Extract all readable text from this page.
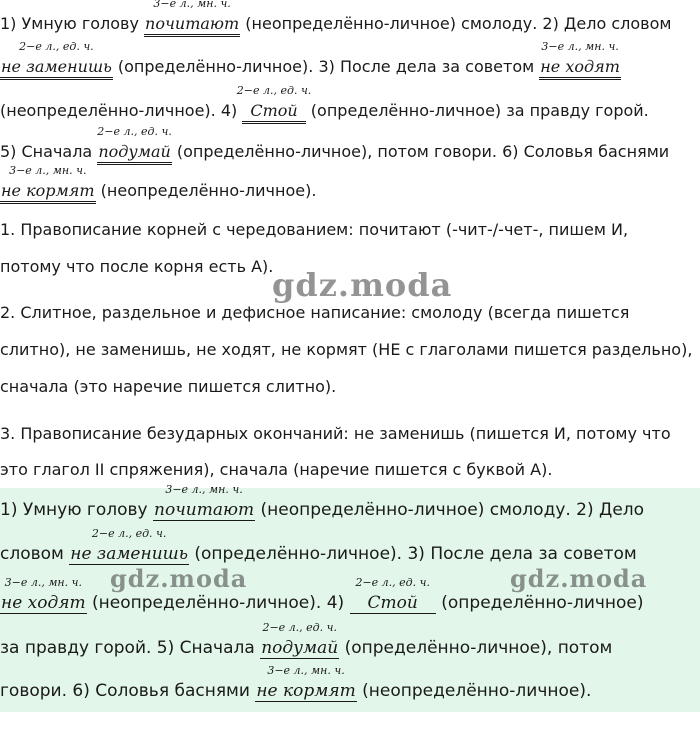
1) Умную голову
3−е л., мн. ч.
почитают (неопределённо-личное) смолоду. 2) Дело словом
2−е л., ед. ч.
не заменишь (определённо-личное). 3) После дела за советом
3−е л., мн. ч.
не ходят
(неопределённо-личное). 4)
2−е л., ед. ч.
Стой (определённо-личное) за правду горой.
5) Сначала
2−е л., ед. ч.
подумай (определённо-личное), потом говори. 6) Соловья баснями
3−е л., мн. ч.
не кормят (неопределённо-личное).
1. Правописание корней с чередованием: почитают (-чит-/-чет-, пишем И,
потому что после корня есть А).
2. Слитное, раздельное и дефисное написание: смолоду (всегда пишется
слитно), не заменишь, не ходят, не кормят (НЕ с глаголами пишется раздельно),
сначала (это наречие пишется слитно).
3. Правописание безударных окончаний: не заменишь (пишется И, потому что
это глагол II спряжения), сначала (наречие пишется с буквой А).
1) Умную голову
3−е л., мн. ч.
почитают (неопределённо-личное) смолоду. 2) Дело
словом
2−е л., ед. ч.
не заменишь (определённо-личное). 3) После дела за советом
3−е л., мн. ч.
не ходят (неопределённо-личное). 4)
2−е л., ед. ч.
Стой (определённо-личное)
за правду горой. 5) Сначала
2−е л., ед. ч.
подумай (определённо-личное), потом
говори. 6) Соловья баснями
3−е л., мн. ч.
не кормят (неопределённо-личное).
gdz.moda
gdz.moda	gdz.moda
